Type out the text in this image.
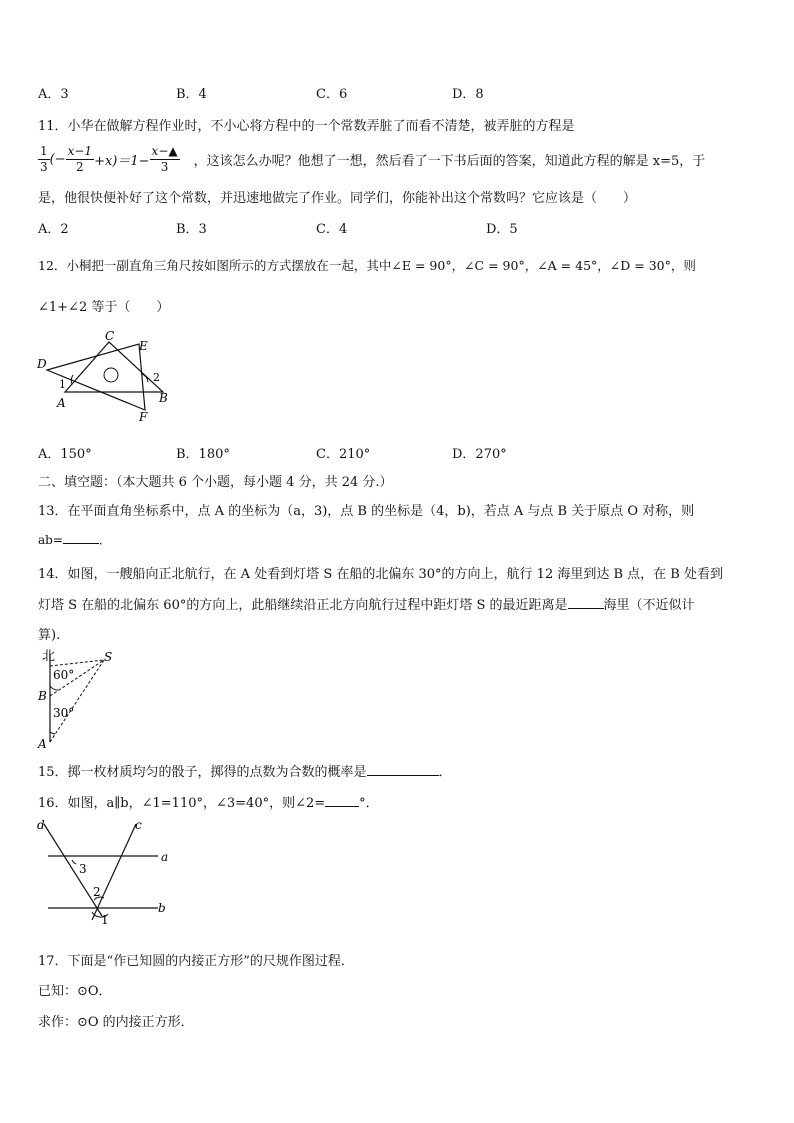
A．3	B．4	C．6	D．8
11．小华在做解方程作业时，不小心将方程中的一个常数弄脏了而看不清楚，被弄脏的方程是
$\frac{1}{3}$ (− $\frac{x-1}{2} +x)=1- \frac{x-▲}{3}$ ，这该怎么办呢？他想了一想，然后看了一下书后面的答案，知道此方程的解是 x=5，于
是，他很快便补好了这个常数，并迅速地做完了作业。同学们，你能补出这个常数吗？它应该是（　　）
A．2	B．3	C．4	D．5
12．小桐把一副直角三角尺按如图所示的方式摆放在一起，其中∠E = 90°，∠C = 90°，∠A = 45°，∠D = 30°，则
∠1+∠2 等于（　　）
C
E
D
1
2
A	B
F
A．150°	B．180°	C．210°	D．270°
二、填空题：（本大题共 6 个小题，每小题 4 分，共 24 分.）
13．在平面直角坐标系中，点 A 的坐标为（a，3)，点 B 的坐标是（4，b)，若点 A 与点 B 关于原点 O 对称，则
ab=	．
14．如图，一艘船向正北航行，在 A 处看到灯塔 S 在船的北偏东 30°的方向上，航行 12 海里到达 B 点，在 B 处看到
灯塔 S 在船的北偏东 60°的方向上，此船继续沿正北方向航行过程中距灯塔 S 的最近距离是	海里（不近似计
算).
北	S
60°
B
30°
A
15．掷一枚材质均匀的骰子，掷得的点数为合数的概率是	．
16．如图，a∥b，∠1=110°，∠3=40°，则∠2=	°．
d	c
a
b
3
2
1
17．下面是“作已知圆的内接正方形”的尺规作图过程．
已知：⊙O．
求作：⊙O 的内接正方形．
